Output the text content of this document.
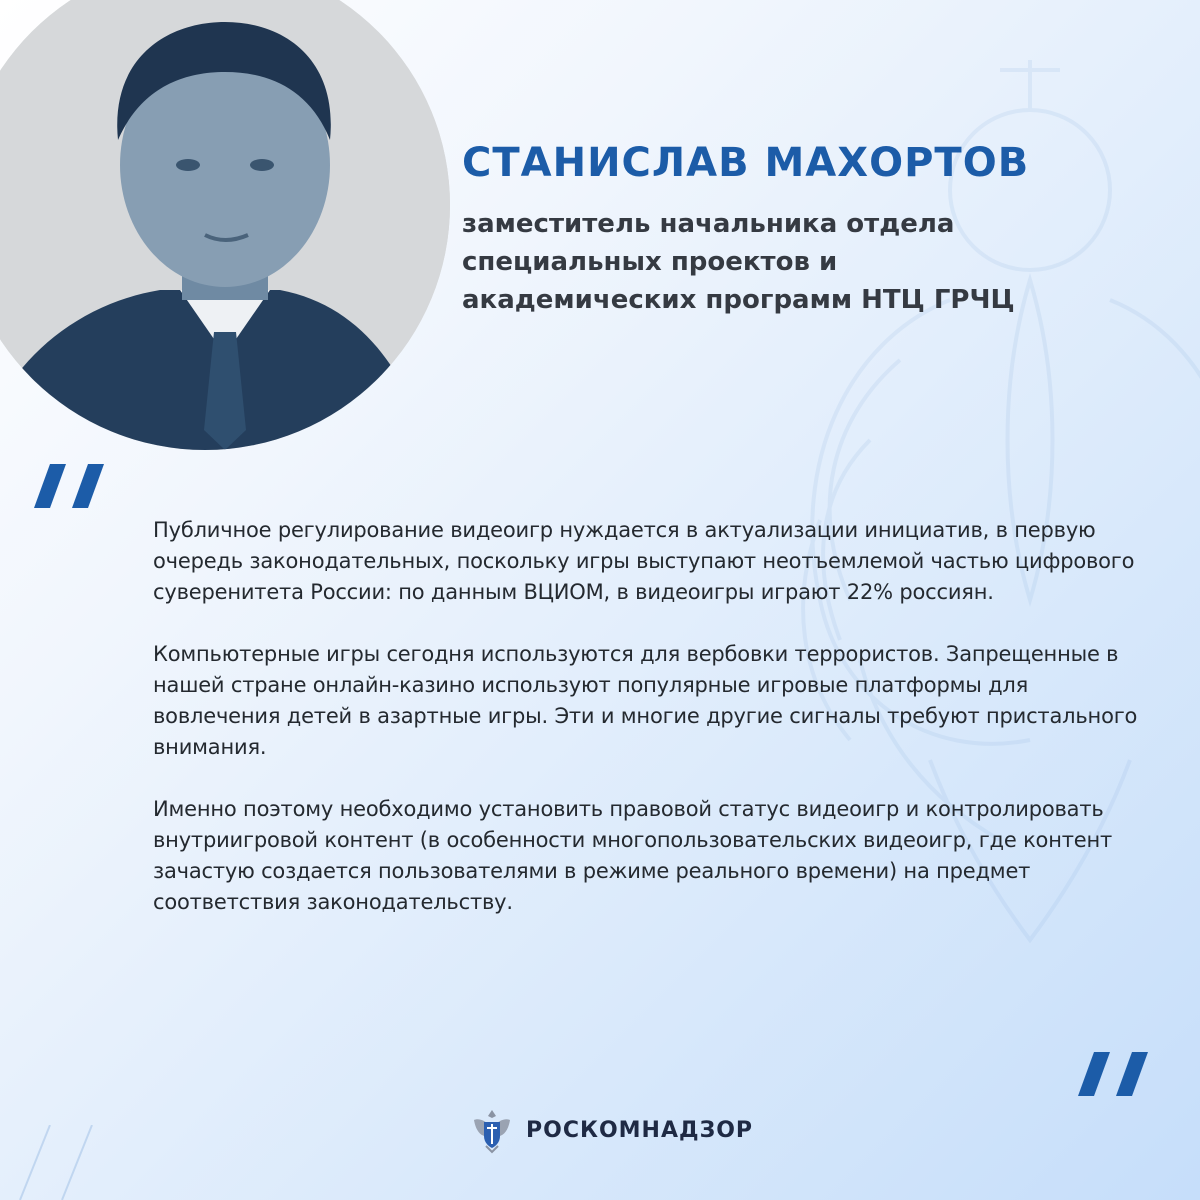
СТАНИСЛАВ МАХОРТОВ
заместитель начальника отдела
специальных проектов и
академических программ НТЦ ГРЧЦ

Публичное регулирование видеоигр нуждается в актуализации инициатив, в первую очередь законодательных, поскольку игры выступают неотъемлемой частью цифрового суверенитета России: по данным ВЦИОМ, в видеоигры играют 22% россиян.

Компьютерные игры сегодня используются для вербовки террористов. Запрещенные в нашей стране онлайн-казино используют популярные игровые платформы для вовлечения детей в азартные игры. Эти и многие другие сигналы требуют пристального внимания.

Именно поэтому необходимо установить правовой статус видеоигр и контролировать внутриигровой контент (в особенности многопользовательских видеоигр, где контент зачастую создается пользователями в режиме реального времени) на предмет соответствия законодательству.

РОСКОМНАДЗОР
